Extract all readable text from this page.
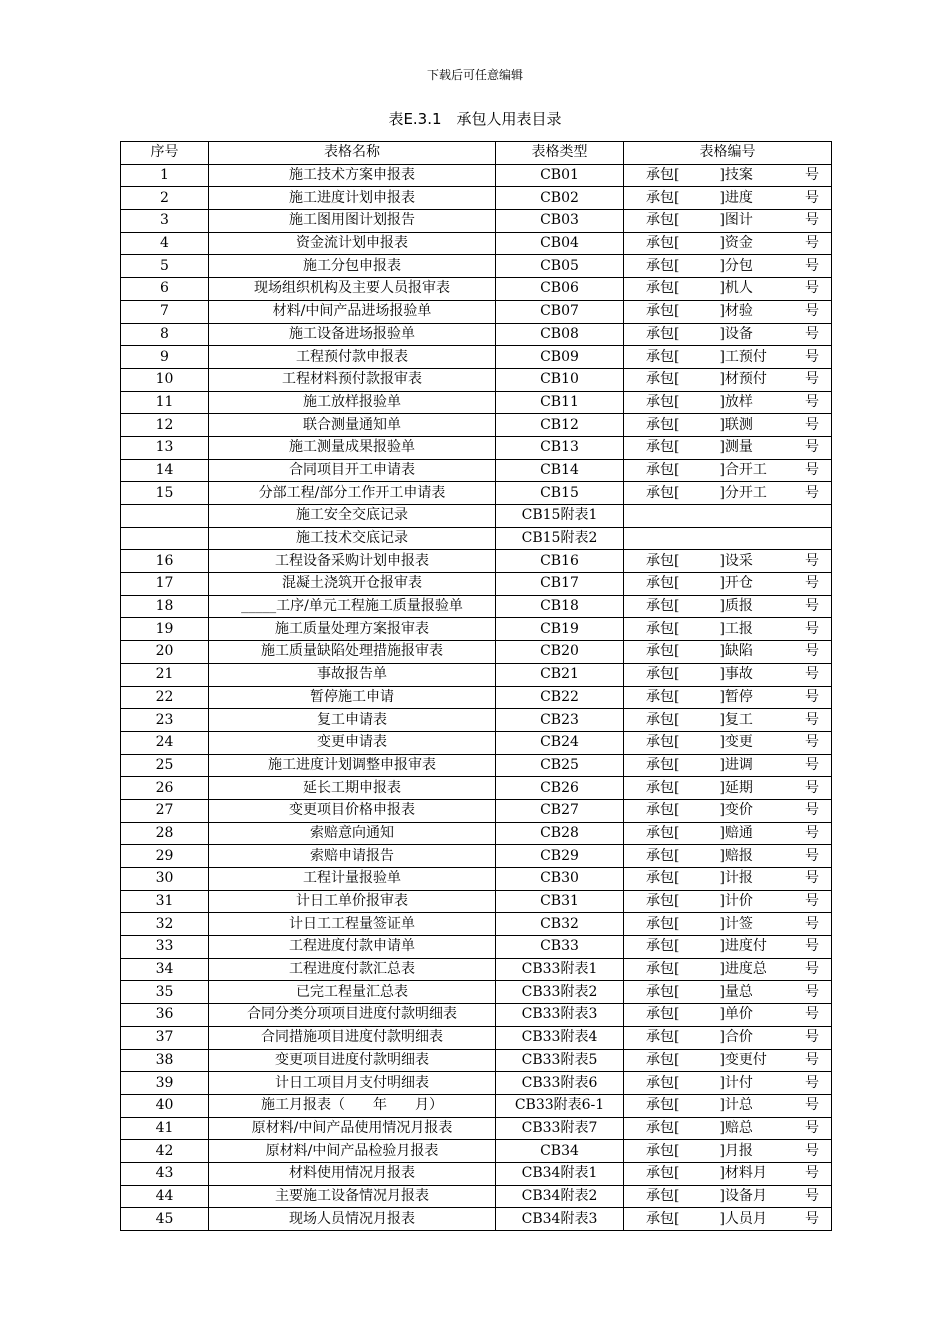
下载后可任意编辑
表E.3.1　承包人用表目录
序号	表格名称	表格类型	表格编号
1	施工技术方案申报表	CB01	承包[ ]技案 号

2	施工进度计划申报表	CB02	承包[ ]进度 号

3	施工图用图计划报告	CB03	承包[ ]图计 号

4	资金流计划申报表	CB04	承包[ ]资金 号

5	施工分包申报表	CB05	承包[ ]分包 号

6	现场组织机构及主要人员报审表	CB06	承包[ ]机人 号

7	材料/中间产品进场报验单	CB07	承包[ ]材验 号

8	施工设备进场报验单	CB08	承包[ ]设备 号

9	工程预付款申报表	CB09	承包[ ]工预付 号

10	工程材料预付款报审表	CB10	承包[ ]材预付 号

11	施工放样报验单	CB11	承包[ ]放样 号

12	联合测量通知单	CB12	承包[ ]联测 号

13	施工测量成果报验单	CB13	承包[ ]测量 号

14	合同项目开工申请表	CB14	承包[ ]合开工 号

15	分部工程/部分工作开工申请表	CB15	承包[ ]分开工 号

	施工安全交底记录	CB15附表1	
	施工技术交底记录	CB15附表2	
16	工程设备采购计划申报表	CB16	承包[ ]设采 号

17	混凝土浇筑开仓报审表	CB17	承包[ ]开仓 号

18	_____工序/单元工程施工质量报验单	CB18	承包[ ]质报 号

19	施工质量处理方案报审表	CB19	承包[ ]工报 号

20	施工质量缺陷处理措施报审表	CB20	承包[ ]缺陷 号

21	事故报告单	CB21	承包[ ]事故 号

22	暂停施工申请	CB22	承包[ ]暂停 号

23	复工申请表	CB23	承包[ ]复工 号

24	变更申请表	CB24	承包[ ]变更 号

25	施工进度计划调整申报审表	CB25	承包[ ]进调 号

26	延长工期申报表	CB26	承包[ ]延期 号

27	变更项目价格申报表	CB27	承包[ ]变价 号

28	索赔意向通知	CB28	承包[ ]赔通 号

29	索赔申请报告	CB29	承包[ ]赔报 号

30	工程计量报验单	CB30	承包[ ]计报 号

31	计日工单价报审表	CB31	承包[ ]计价 号

32	计日工工程量签证单	CB32	承包[ ]计签 号

33	工程进度付款申请单	CB33	承包[ ]进度付 号

34	工程进度付款汇总表	CB33附表1	承包[ ]进度总 号

35	已完工程量汇总表	CB33附表2	承包[ ]量总 号

36	合同分类分项项目进度付款明细表	CB33附表3	承包[ ]单价 号

37	合同措施项目进度付款明细表	CB33附表4	承包[ ]合价 号

38	变更项目进度付款明细表	CB33附表5	承包[ ]变更付 号

39	计日工项目月支付明细表	CB33附表6	承包[ ]计付 号

40	施工月报表（　　年　　月）	CB33附表6-1	承包[ ]计总 号

41	原材料/中间产品使用情况月报表	CB33附表7	承包[ ]赔总 号

42	原材料/中间产品检验月报表	CB34	承包[ ]月报 号

43	材料使用情况月报表	CB34附表1	承包[ ]材料月 号

44	主要施工设备情况月报表	CB34附表2	承包[ ]设备月 号

45	现场人员情况月报表	CB34附表3	承包[ ]人员月 号
